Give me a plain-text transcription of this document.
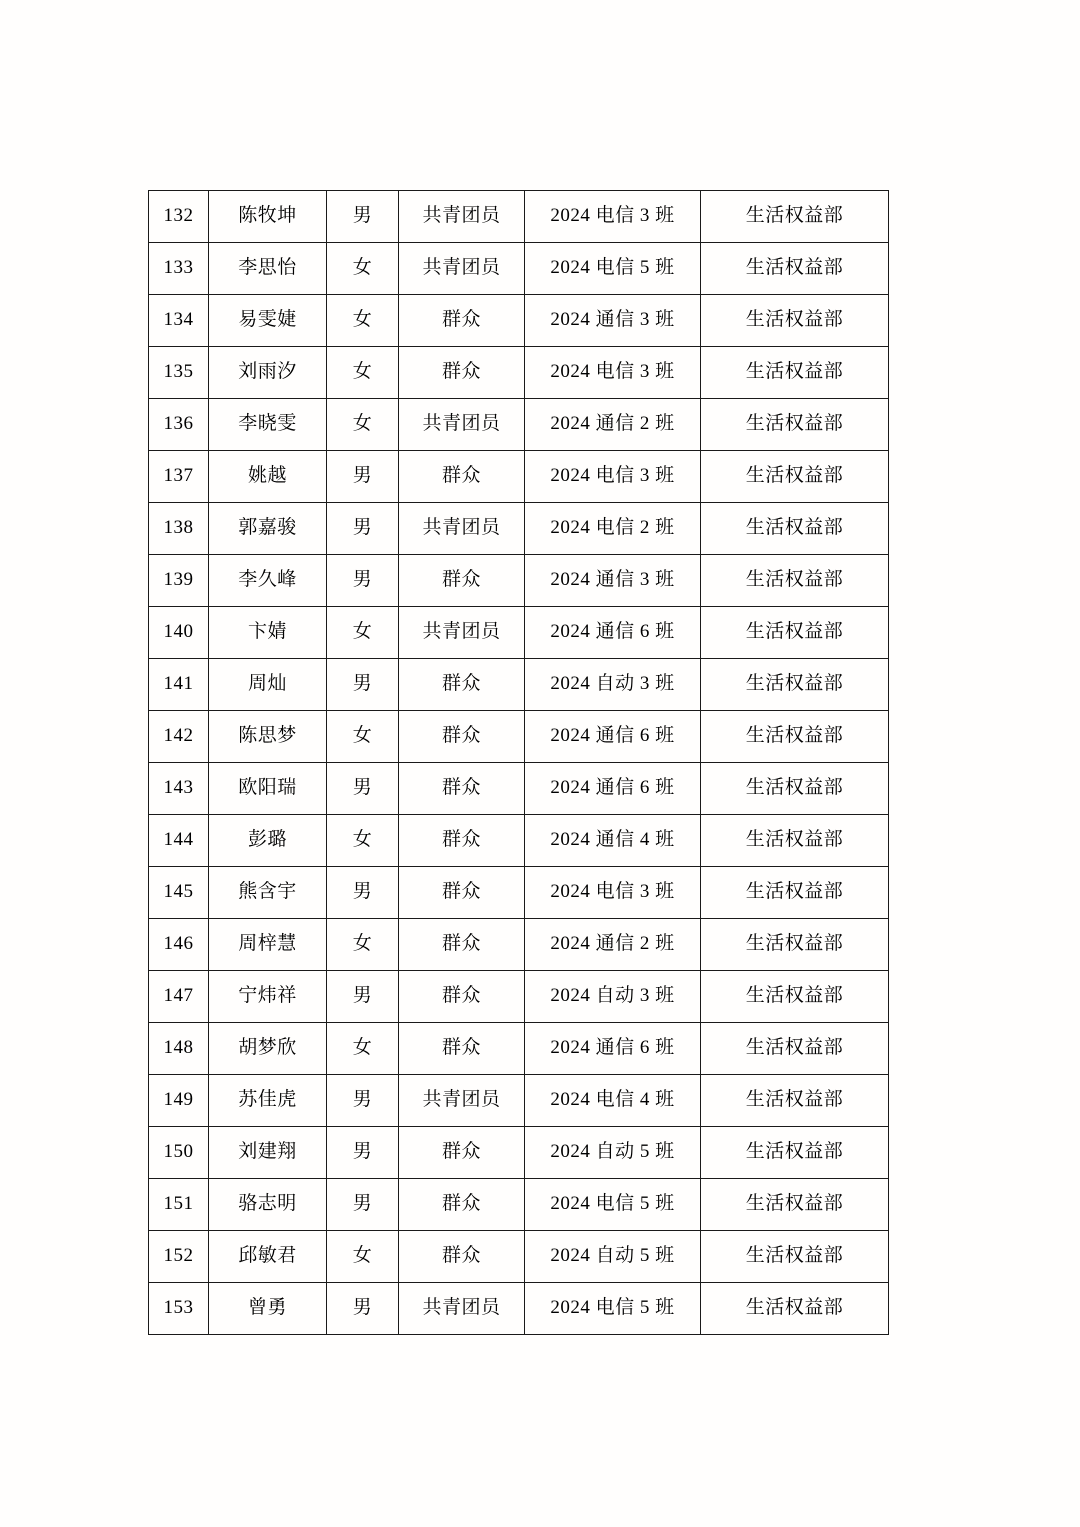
132	陈牧坤	男	共青团员	2024 电信 3 班	生活权益部
133	李思怡	女	共青团员	2024 电信 5 班	生活权益部
134	易雯婕	女	群众	2024 通信 3 班	生活权益部
135	刘雨汐	女	群众	2024 电信 3 班	生活权益部
136	李晓雯	女	共青团员	2024 通信 2 班	生活权益部
137	姚越	男	群众	2024 电信 3 班	生活权益部
138	郭嘉骏	男	共青团员	2024 电信 2 班	生活权益部
139	李久峰	男	群众	2024 通信 3 班	生活权益部
140	卞婧	女	共青团员	2024 通信 6 班	生活权益部
141	周灿	男	群众	2024 自动 3 班	生活权益部
142	陈思梦	女	群众	2024 通信 6 班	生活权益部
143	欧阳瑞	男	群众	2024 通信 6 班	生活权益部
144	彭璐	女	群众	2024 通信 4 班	生活权益部
145	熊含宇	男	群众	2024 电信 3 班	生活权益部
146	周梓慧	女	群众	2024 通信 2 班	生活权益部
147	宁炜祥	男	群众	2024 自动 3 班	生活权益部
148	胡梦欣	女	群众	2024 通信 6 班	生活权益部
149	苏佳虎	男	共青团员	2024 电信 4 班	生活权益部
150	刘建翔	男	群众	2024 自动 5 班	生活权益部
151	骆志明	男	群众	2024 电信 5 班	生活权益部
152	邱敏君	女	群众	2024 自动 5 班	生活权益部
153	曾勇	男	共青团员	2024 电信 5 班	生活权益部
